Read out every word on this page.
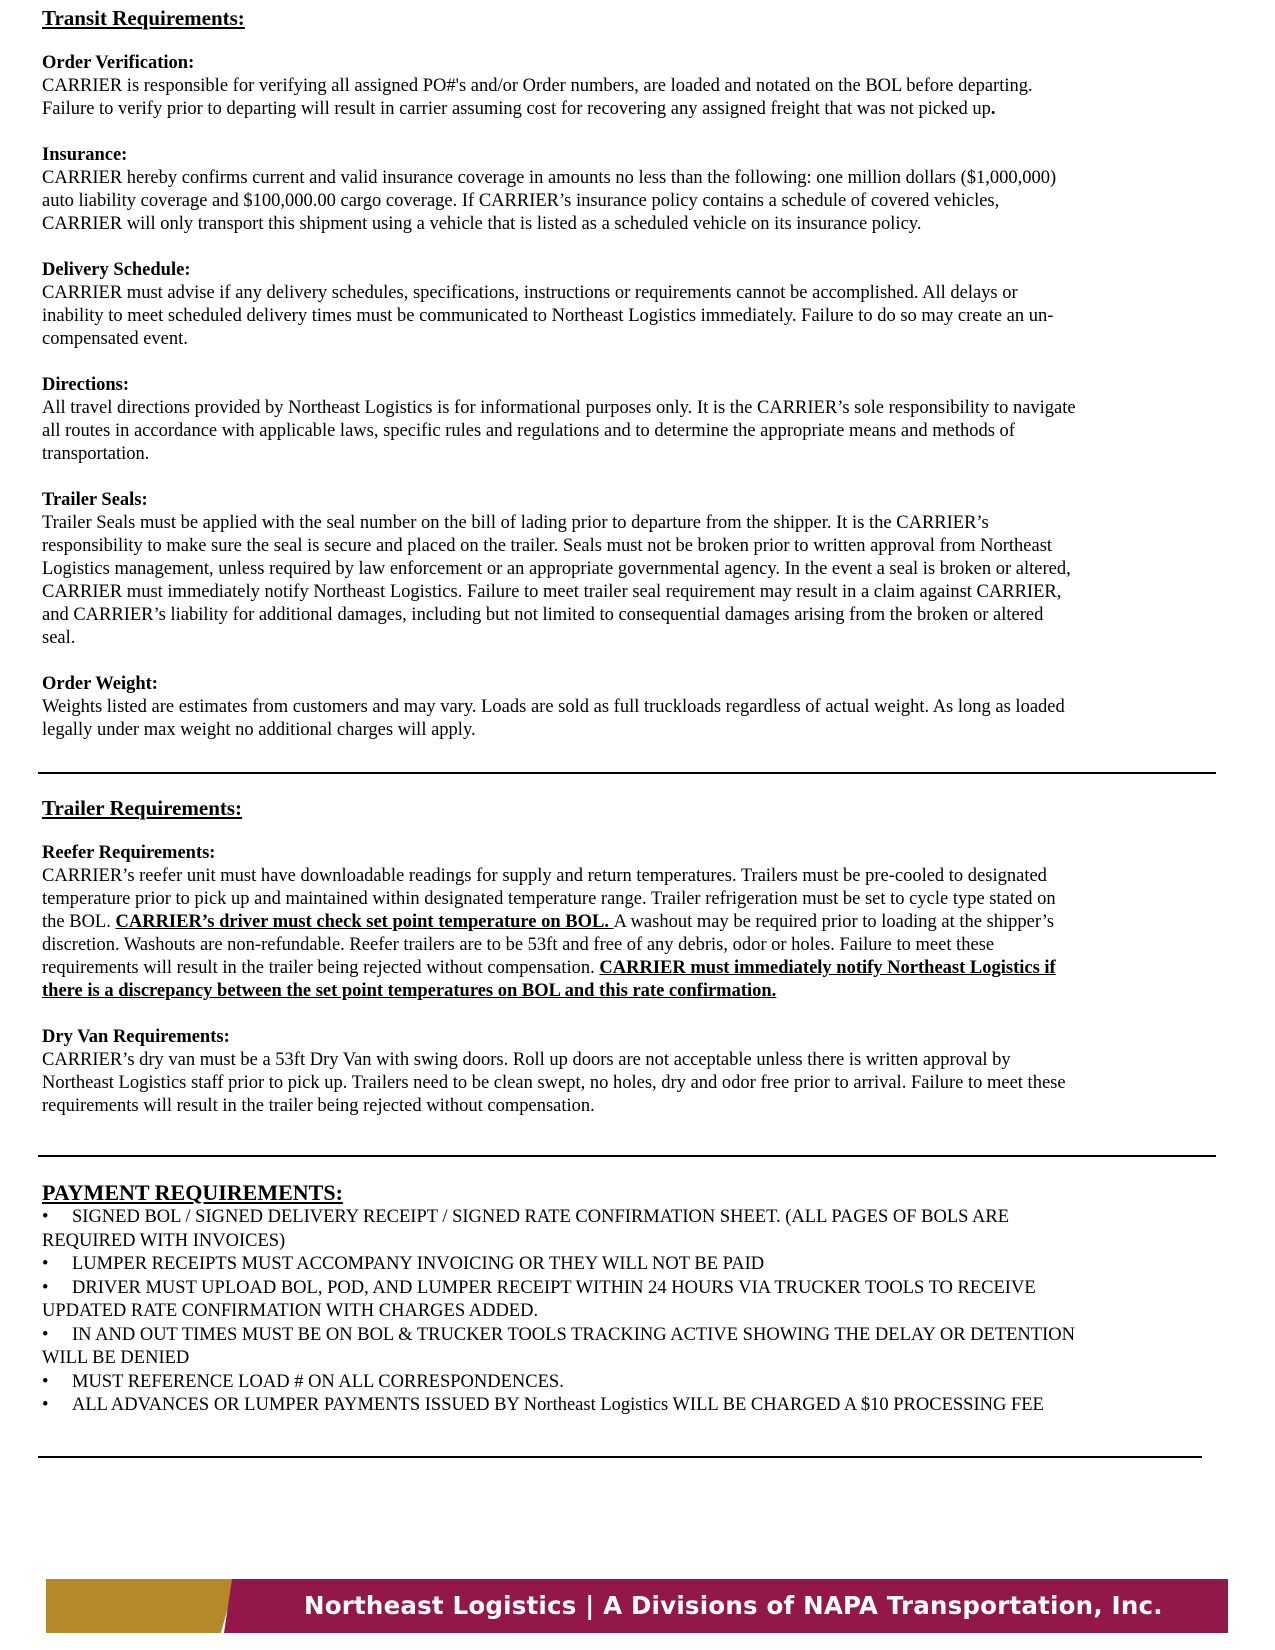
Transit Requirements:

Order Verification:

CARRIER is responsible for verifying all assigned PO#'s and/or Order numbers, are loaded and notated on the BOL before departing.
Failure to verify prior to departing will result in carrier assuming cost for recovering any assigned freight that was not picked up.

Insurance:

CARRIER hereby confirms current and valid insurance coverage in amounts no less than the following: one million dollars ($1,000,000)
auto liability coverage and $100,000.00 cargo coverage. If CARRIER’s insurance policy contains a schedule of covered vehicles,
CARRIER will only transport this shipment using a vehicle that is listed as a scheduled vehicle on its insurance policy.

Delivery Schedule:

CARRIER must advise if any delivery schedules, specifications, instructions or requirements cannot be accomplished. All delays or
inability to meet scheduled delivery times must be communicated to Northeast Logistics immediately. Failure to do so may create an un-
compensated event.

Directions:

All travel directions provided by Northeast Logistics is for informational purposes only. It is the CARRIER’s sole responsibility to navigate
all routes in accordance with applicable laws, specific rules and regulations and to determine the appropriate means and methods of
transportation.

Trailer Seals:

Trailer Seals must be applied with the seal number on the bill of lading prior to departure from the shipper. It is the CARRIER’s
responsibility to make sure the seal is secure and placed on the trailer. Seals must not be broken prior to written approval from Northeast
Logistics management, unless required by law enforcement or an appropriate governmental agency. In the event a seal is broken or altered,
CARRIER must immediately notify Northeast Logistics. Failure to meet trailer seal requirement may result in a claim against CARRIER,
and CARRIER’s liability for additional damages, including but not limited to consequential damages arising from the broken or altered
seal.

Order Weight:

Weights listed are estimates from customers and may vary. Loads are sold as full truckloads regardless of actual weight. As long as loaded
legally under max weight no additional charges will apply.

Trailer Requirements:

Reefer Requirements:

CARRIER’s reefer unit must have downloadable readings for supply and return temperatures. Trailers must be pre-cooled to designated
temperature prior to pick up and maintained within designated temperature range. Trailer refrigeration must be set to cycle type stated on
the BOL. CARRIER’s driver must check set point temperature on BOL. A washout may be required prior to loading at the shipper’s
discretion. Washouts are non-refundable. Reefer trailers are to be 53ft and free of any debris, odor or holes. Failure to meet these
requirements will result in the trailer being rejected without compensation. CARRIER must immediately notify Northeast Logistics if
there is a discrepancy between the set point temperatures on BOL and this rate confirmation.

Dry Van Requirements:

CARRIER’s dry van must be a 53ft Dry Van with swing doors. Roll up doors are not acceptable unless there is written approval by
Northeast Logistics staff prior to pick up. Trailers need to be clean swept, no holes, dry and odor free prior to arrival. Failure to meet these
requirements will result in the trailer being rejected without compensation.

PAYMENT REQUIREMENTS:

• SIGNED BOL / SIGNED DELIVERY RECEIPT / SIGNED RATE CONFIRMATION SHEET. (ALL PAGES OF BOLS ARE
REQUIRED WITH INVOICES)
• LUMPER RECEIPTS MUST ACCOMPANY INVOICING OR THEY WILL NOT BE PAID
• DRIVER MUST UPLOAD BOL, POD, AND LUMPER RECEIPT WITHIN 24 HOURS VIA TRUCKER TOOLS TO RECEIVE
UPDATED RATE CONFIRMATION WITH CHARGES ADDED.
• IN AND OUT TIMES MUST BE ON BOL & TRUCKER TOOLS TRACKING ACTIVE SHOWING THE DELAY OR DETENTION
WILL BE DENIED
• MUST REFERENCE LOAD # ON ALL CORRESPONDENCES.
• ALL ADVANCES OR LUMPER PAYMENTS ISSUED BY Northeast Logistics WILL BE CHARGED A $10 PROCESSING FEE
Northeast Logistics | A Divisions of NAPA Transportation, Inc.
